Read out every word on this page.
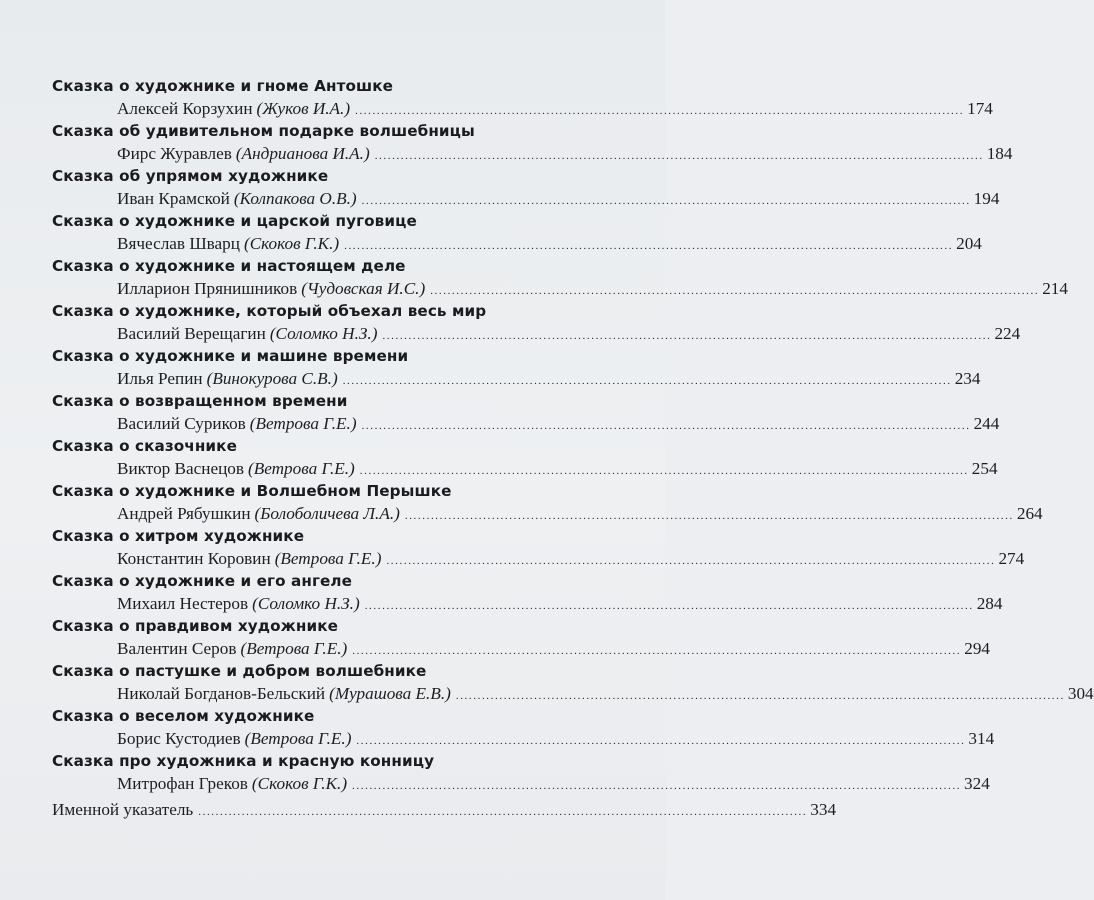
Сказка о художнике и гноме Антошке
Алексей Корзухин (Жуков И.А.) ............................................................................................................................................ 174
Сказка об удивительном подарке волшебницы
Фирс Журавлев (Андрианова И.А.) ............................................................................................................................................ 184
Сказка об упрямом художнике
Иван Крамской (Колпакова О.В.) ............................................................................................................................................ 194
Сказка о художнике и царской пуговице
Вячеслав Шварц (Скоков Г.К.) ............................................................................................................................................ 204
Сказка о художнике и настоящем деле
Илларион Прянишников (Чудовская И.С.) ............................................................................................................................................ 214
Сказка о художнике, который объехал весь мир
Василий Верещагин (Соломко Н.З.) ............................................................................................................................................ 224
Сказка о художнике и машине времени
Илья Репин (Винокурова С.В.) ............................................................................................................................................ 234
Сказка о возвращенном времени
Василий Суриков (Ветрова Г.Е.) ............................................................................................................................................ 244
Сказка о сказочнике
Виктор Васнецов (Ветрова Г.Е.) ............................................................................................................................................ 254
Сказка о художнике и Волшебном Перышке
Андрей Рябушкин (Болоболичева Л.А.) ............................................................................................................................................ 264
Сказка о хитром художнике
Константин Коровин (Ветрова Г.Е.) ............................................................................................................................................ 274
Сказка о художнике и его ангеле
Михаил Нестеров (Соломко Н.З.) ............................................................................................................................................ 284
Сказка о правдивом художнике
Валентин Серов (Ветрова Г.Е.) ............................................................................................................................................ 294
Сказка о пастушке и добром волшебнике
Николай Богданов-Бельский (Мурашова Е.В.) ............................................................................................................................................ 304
Сказка о веселом художнике
Борис Кустодиев (Ветрова Г.Е.) ............................................................................................................................................ 314
Сказка про художника и красную конницу
Митрофан Греков (Скоков Г.К.) ............................................................................................................................................ 324
Именной указатель ............................................................................................................................................ 334
